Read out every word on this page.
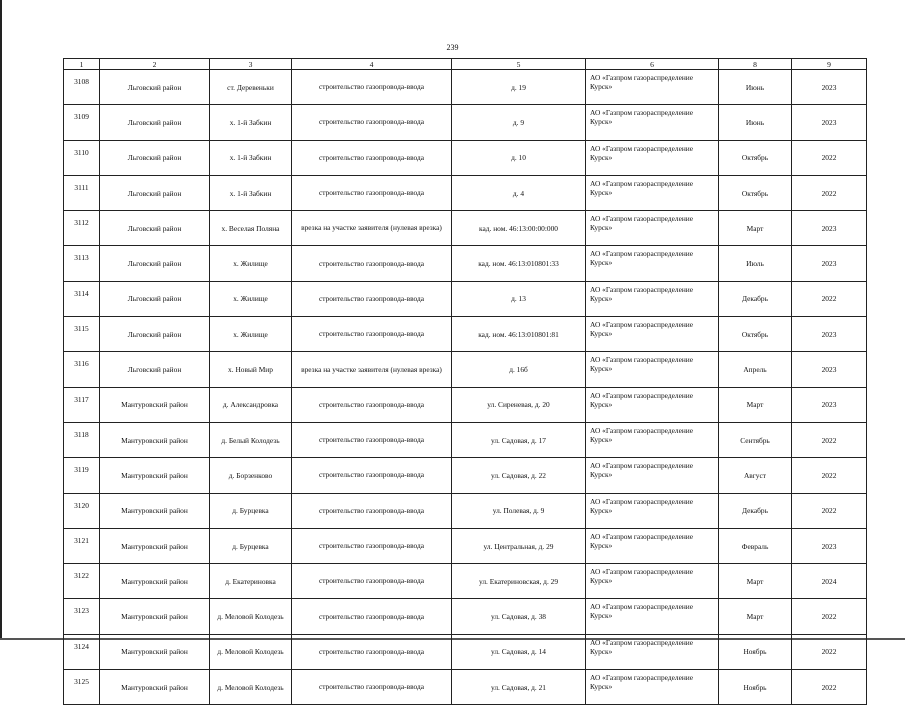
239
1	2	3	4	5	6	8	9
3108	Льговский район	ст. Деревеньки	строительство газопровода-ввода	д. 19	АО «Газпром газораспределение Курск»	Июнь	2023
3109	Льговский район	х. 1-й Забкин	строительство газопровода-ввода	д. 9	АО «Газпром газораспределение Курск»	Июнь	2023
3110	Льговский район	х. 1-й Забкин	строительство газопровода-ввода	д. 10	АО «Газпром газораспределение Курск»	Октябрь	2022
3111	Льговский район	х. 1-й Забкин	строительство газопровода-ввода	д. 4	АО «Газпром газораспределение Курск»	Октябрь	2022
3112	Льговский район	х. Веселая Поляна	врезка на участке заявителя (нулевая врезка)	кад. ном. 46:13:00:00:000	АО «Газпром газораспределение Курск»	Март	2023
3113	Льговский район	х. Жилище	строительство газопровода-ввода	кад. ном. 46:13:010801:33	АО «Газпром газораспределение Курск»	Июль	2023
3114	Льговский район	х. Жилище	строительство газопровода-ввода	д. 13	АО «Газпром газораспределение Курск»	Декабрь	2022
3115	Льговский район	х. Жилище	строительство газопровода-ввода	кад. ном. 46:13:010801:81	АО «Газпром газораспределение Курск»	Октябрь	2023
3116	Льговский район	х. Новый Мир	врезка на участке заявителя (нулевая врезка)	д. 16б	АО «Газпром газораспределение Курск»	Апрель	2023
3117	Мантуровский район	д. Александровка	строительство газопровода-ввода	ул. Сиреневая, д. 20	АО «Газпром газораспределение Курск»	Март	2023
3118	Мантуровский район	д. Белый Колодезь	строительство газопровода-ввода	ул. Садовая, д. 17	АО «Газпром газораспределение Курск»	Сентябрь	2022
3119	Мантуровский район	д. Борзенково	строительство газопровода-ввода	ул. Садовая, д. 22	АО «Газпром газораспределение Курск»	Август	2022
3120	Мантуровский район	д. Бурцевка	строительство газопровода-ввода	ул. Полевая, д. 9	АО «Газпром газораспределение Курск»	Декабрь	2022
3121	Мантуровский район	д. Бурцевка	строительство газопровода-ввода	ул. Центральная, д. 29	АО «Газпром газораспределение Курск»	Февраль	2023
3122	Мантуровский район	д. Екатериновка	строительство газопровода-ввода	ул. Екатериновская, д. 29	АО «Газпром газораспределение Курск»	Март	2024
3123	Мантуровский район	д. Меловой Колодезь	строительство газопровода-ввода	ул. Садовая, д. 38	АО «Газпром газораспределение Курск»	Март	2022
3124	Мантуровский район	д. Меловой Колодезь	строительство газопровода-ввода	ул. Садовая, д. 14	АО «Газпром газораспределение Курск»	Ноябрь	2022
3125	Мантуровский район	д. Меловой Колодезь	строительство газопровода-ввода	ул. Садовая, д. 21	АО «Газпром газораспределение Курск»	Ноябрь	2022
